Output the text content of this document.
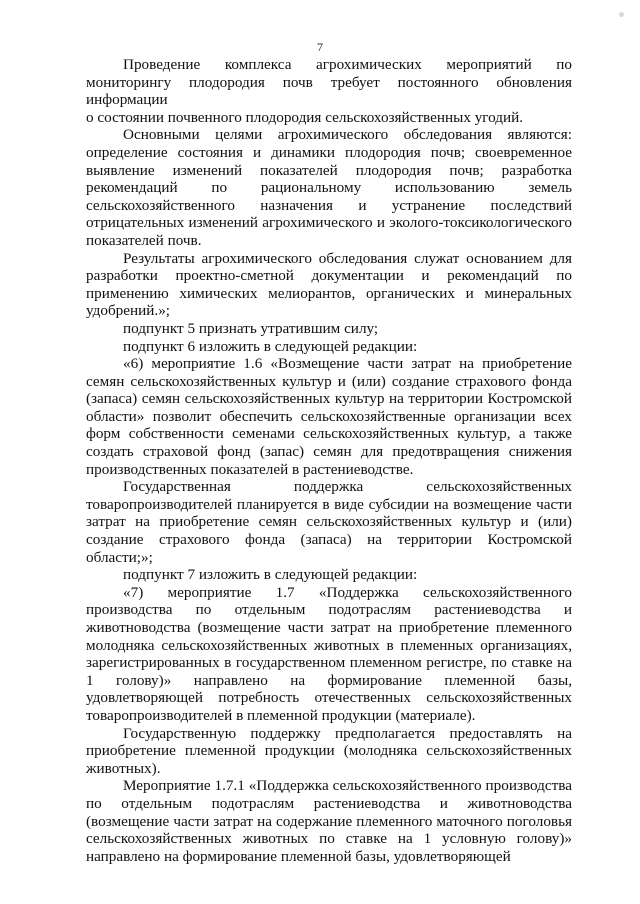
7

Проведение комплекса агрохимических мероприятий по мониторингу плодородия почв требует постоянного обновления информации

о состоянии почвенного плодородия сельскохозяйственных угодий.

Основными целями агрохимического обследования являются: определение состояния и динамики плодородия почв; своевременное выявление изменений показателей плодородия почв; разработка рекомендаций по рациональному использованию земель сельскохозяйственного назначения и устранение последствий отрицательных изменений агрохимического и эколого-токсикологического показателей почв.

Результаты агрохимического обследования служат основанием для разработки проектно-сметной документации и рекомендаций по применению химических мелиорантов, органических и минеральных удобрений.»;

подпункт 5 признать утратившим силу;

подпункт 6 изложить в следующей редакции:

«6) мероприятие 1.6 «Возмещение части затрат на приобретение семян сельскохозяйственных культур и (или) создание страхового фонда (запаса) семян сельскохозяйственных культур на территории Костромской области» позволит обеспечить сельскохозяйственные организации всех форм собственности семенами сельскохозяйственных культур, а также создать страховой фонд (запас) семян для предотвращения снижения производственных показателей в растениеводстве.

Государственная поддержка сельскохозяйственных товаропроизводителей планируется в виде субсидии на возмещение части затрат на приобретение семян сельскохозяйственных культур и (или) создание страхового фонда (запаса) на территории Костромской области;»;

подпункт 7 изложить в следующей редакции:

«7) мероприятие 1.7 «Поддержка сельскохозяйственного производства по отдельным подотраслям растениеводства и животноводства (возмещение части затрат на приобретение племенного молодняка сельскохозяйственных животных в племенных организациях, зарегистрированных в государственном племенном регистре, по ставке на 1 голову)» направлено на формирование племенной базы, удовлетворяющей потребность отечественных сельскохозяйственных товаропроизводителей в племенной продукции (материале).

Государственную поддержку предполагается предоставлять на приобретение племенной продукции (молодняка сельскохозяйственных животных).

Мероприятие 1.7.1 «Поддержка сельскохозяйственного производства по отдельным подотраслям растениеводства и животноводства (возмещение части затрат на содержание племенного маточного поголовья сельскохозяйственных животных по ставке на 1 условную голову)» направлено на формирование племенной базы, удовлетворяющей
